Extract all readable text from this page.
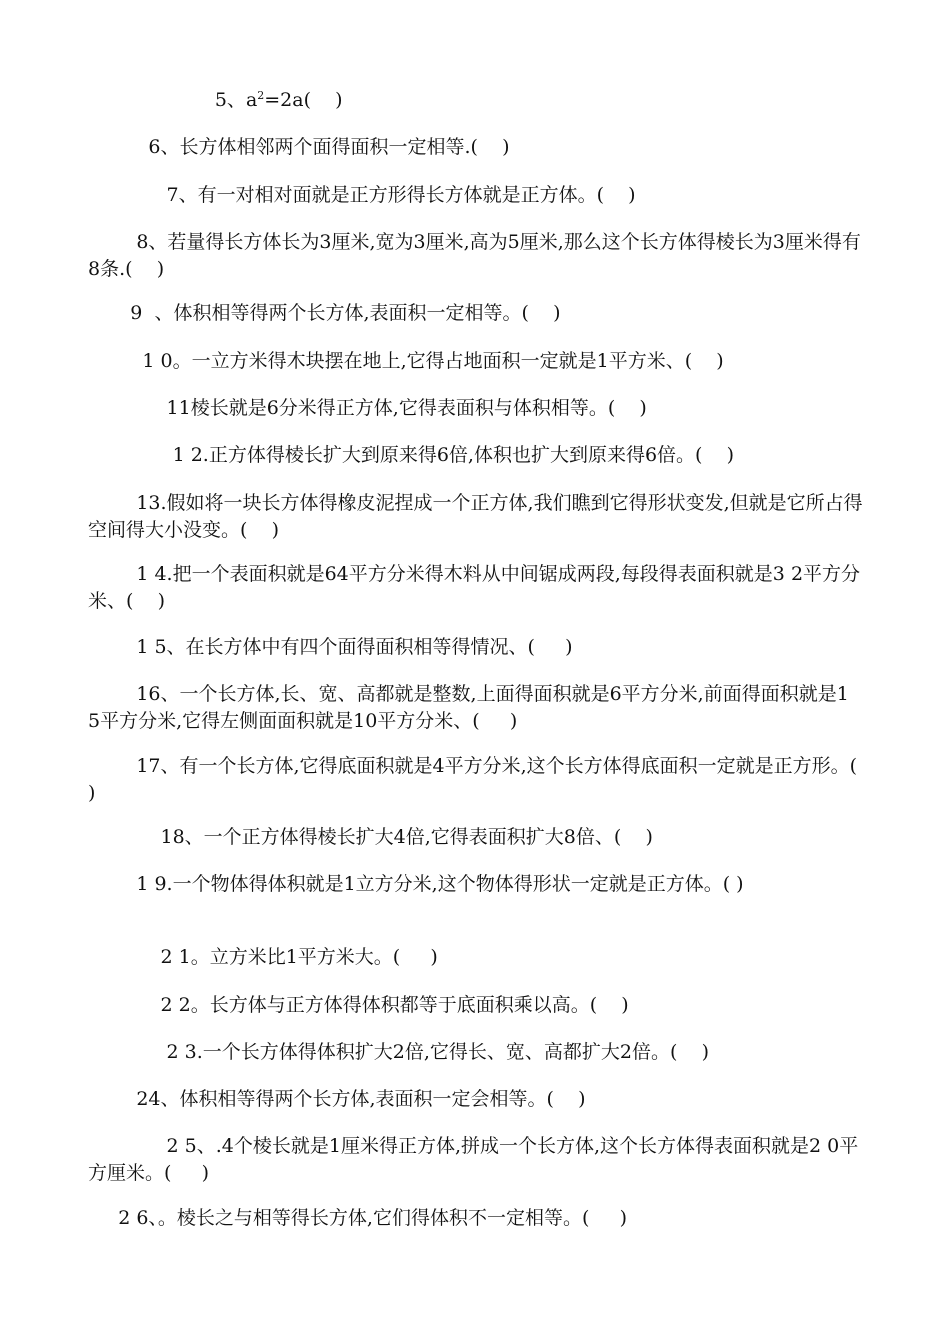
5、$a^2=2a$(    )
6、长方体相邻两个面得面积一定相等.(    )
7、有一对相对面就是正方形得长方体就是正方体。(    )
8、若量得长方体长为3厘米,宽为3厘米,高为5厘米,那么这个长方体得棱长为3厘米得有8条.(    )
9  、体积相等得两个长方体,表面积一定相等。(    )
1 0。一立方米得木块摆在地上,它得占地面积一定就是1平方米、(    )
11棱长就是6分米得正方体,它得表面积与体积相等。(    )
1 2.正方体得棱长扩大到原来得6倍,体积也扩大到原来得6倍。(    )
13.假如将一块长方体得橡皮泥捏成一个正方体,我们瞧到它得形状变发,但就是它所占得空间得大小没变。(    )
1 4.把一个表面积就是64平方分米得木料从中间锯成两段,每段得表面积就是3 2平方分米、(    )
1 5、在长方体中有四个面得面积相等得情况、(     )
16、一个长方体,长、宽、高都就是整数,上面得面积就是6平方分米,前面得面积就是1 5平方分米,它得左侧面面积就是10平方分米、(     )
17、有一个长方体,它得底面积就是4平方分米,这个长方体得底面积一定就是正方形。(    )
18、一个正方体得棱长扩大4倍,它得表面积扩大8倍、(    )
1 9.一个物体得体积就是1立方分米,这个物体得形状一定就是正方体。( )
2 1。立方米比1平方米大。(     )
2 2。长方体与正方体得体积都等于底面积乘以高。(    )
2 3.一个长方体得体积扩大2倍,它得长、宽、高都扩大2倍。(    )
24、体积相等得两个长方体,表面积一定会相等。(    )
2 5、.4个棱长就是1厘米得正方体,拼成一个长方体,这个长方体得表面积就是2 0平方厘米。(     )
2 6、。棱长之与相等得长方体,它们得体积不一定相等。(     )
